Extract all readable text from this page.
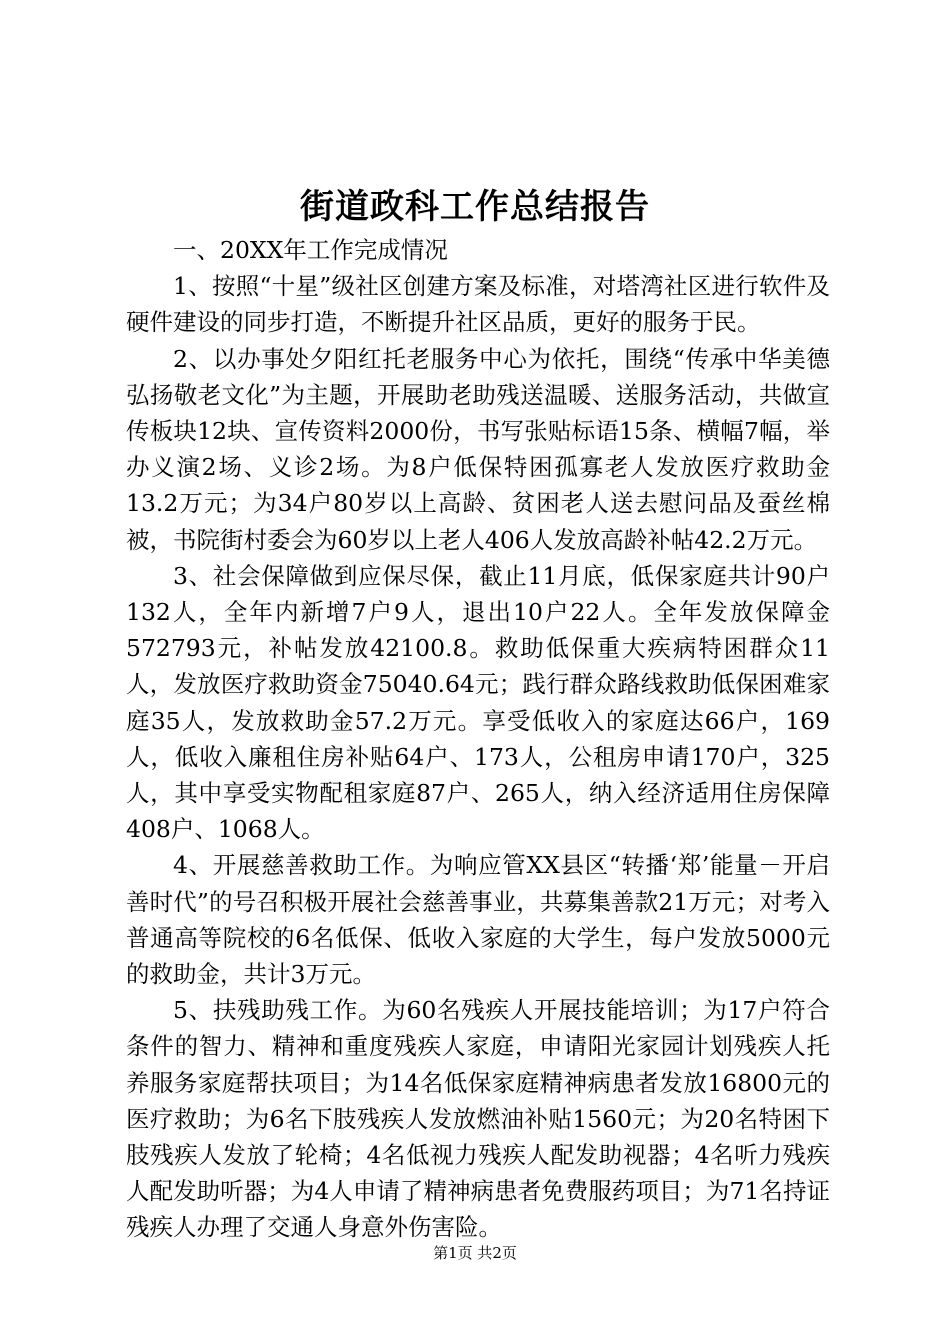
街道政科工作总结报告

一、20XX年工作完成情况

1、按照“十星”级社区创建方案及标准，对塔湾社区进行软件及硬件建设的同步打造，不断提升社区品质，更好的服务于民。

2、以办事处夕阳红托老服务中心为依托，围绕“传承中华美德弘扬敬老文化”为主题，开展助老助残送温暖、送服务活动，共做宣传板块12块、宣传资料2000份，书写张贴标语15条、横幅7幅，举办义演2场、义诊2场。为8户低保特困孤寡老人发放医疗救助金13.2万元；为34户80岁以上高龄、贫困老人送去慰问品及蚕丝棉被，书院街村委会为60岁以上老人406人发放高龄补帖42.2万元。

3、社会保障做到应保尽保，截止11月底，低保家庭共计90户132人，全年内新增7户9人，退出10户22人。全年发放保障金572793元，补帖发放42100.8。救助低保重大疾病特困群众11人，发放医疗救助资金75040.64元；践行群众路线救助低保困难家庭35人，发放救助金57.2万元。享受低收入的家庭达66户，169人，低收入廉租住房补贴64户、173人，公租房申请170户，325人，其中享受实物配租家庭87户、265人，纳入经济适用住房保障408户、1068人。

4、开展慈善救助工作。为响应管XX县区“转播‘郑’能量－开启善时代”的号召积极开展社会慈善事业，共募集善款21万元；对考入普通高等院校的6名低保、低收入家庭的大学生，每户发放5000元的救助金，共计3万元。

5、扶残助残工作。为60名残疾人开展技能培训；为17户符合条件的智力、精神和重度残疾人家庭，申请阳光家园计划残疾人托养服务家庭帮扶项目；为14名低保家庭精神病患者发放16800元的医疗救助；为6名下肢残疾人发放燃油补贴1560元；为20名特困下肢残疾人发放了轮椅；4名低视力残疾人配发助视器；4名听力残疾人配发助听器；为4人申请了精神病患者免费服药项目；为71名持证残疾人办理了交通人身意外伤害险。

第1页 共2页
